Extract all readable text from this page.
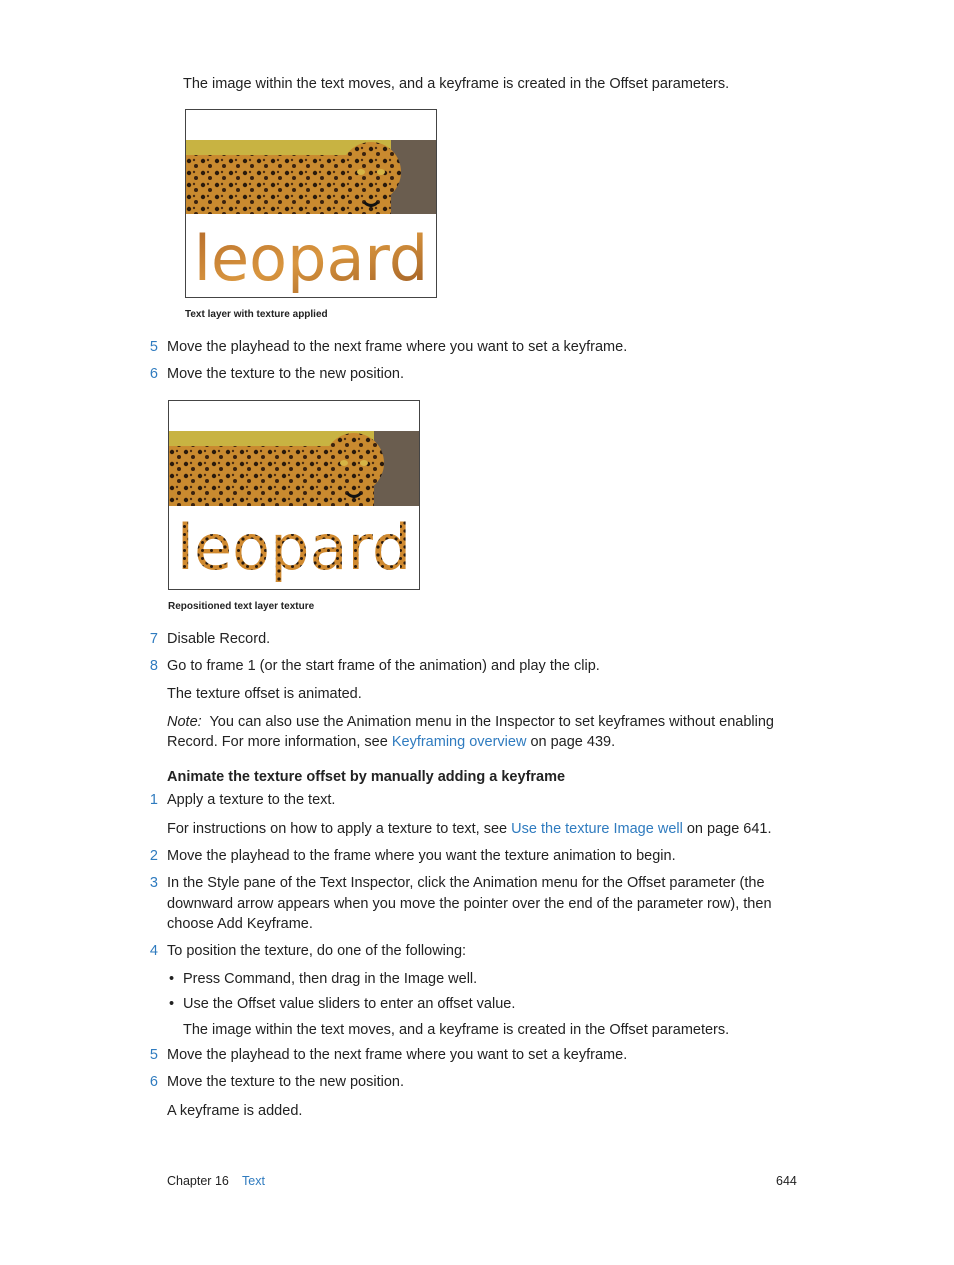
The image within the text moves, and a keyframe is created in the Offset parameters.
leopard
Text layer with texture applied
5 Move the playhead to the next frame where you want to set a keyframe.
6 Move the texture to the new position.
leopard
Repositioned text layer texture
7 Disable Record.
8 Go to frame 1 (or the start frame of the animation) and play the clip.
The texture offset is animated.
Note: You can also use the Animation menu in the Inspector to set keyframes without enabling
Record. For more information, see Keyframing overview on page 439.
Animate the texture offset by manually adding a keyframe
1 Apply a texture to the text.
For instructions on how to apply a texture to text, see Use the texture Image well on page 641.
2 Move the playhead to the frame where you want the texture animation to begin.
3 In the Style pane of the Text Inspector, click the Animation menu for the Offset parameter (the
downward arrow appears when you move the pointer over the end of the parameter row), then
choose Add Keyframe.
4 To position the texture, do one of the following:
• Press Command, then drag in the Image well.
• Use the Offset value sliders to enter an offset value.
The image within the text moves, and a keyframe is created in the Offset parameters.
5 Move the playhead to the next frame where you want to set a keyframe.
6 Move the texture to the new position.
A keyframe is added.
Chapter 16 Text	644
